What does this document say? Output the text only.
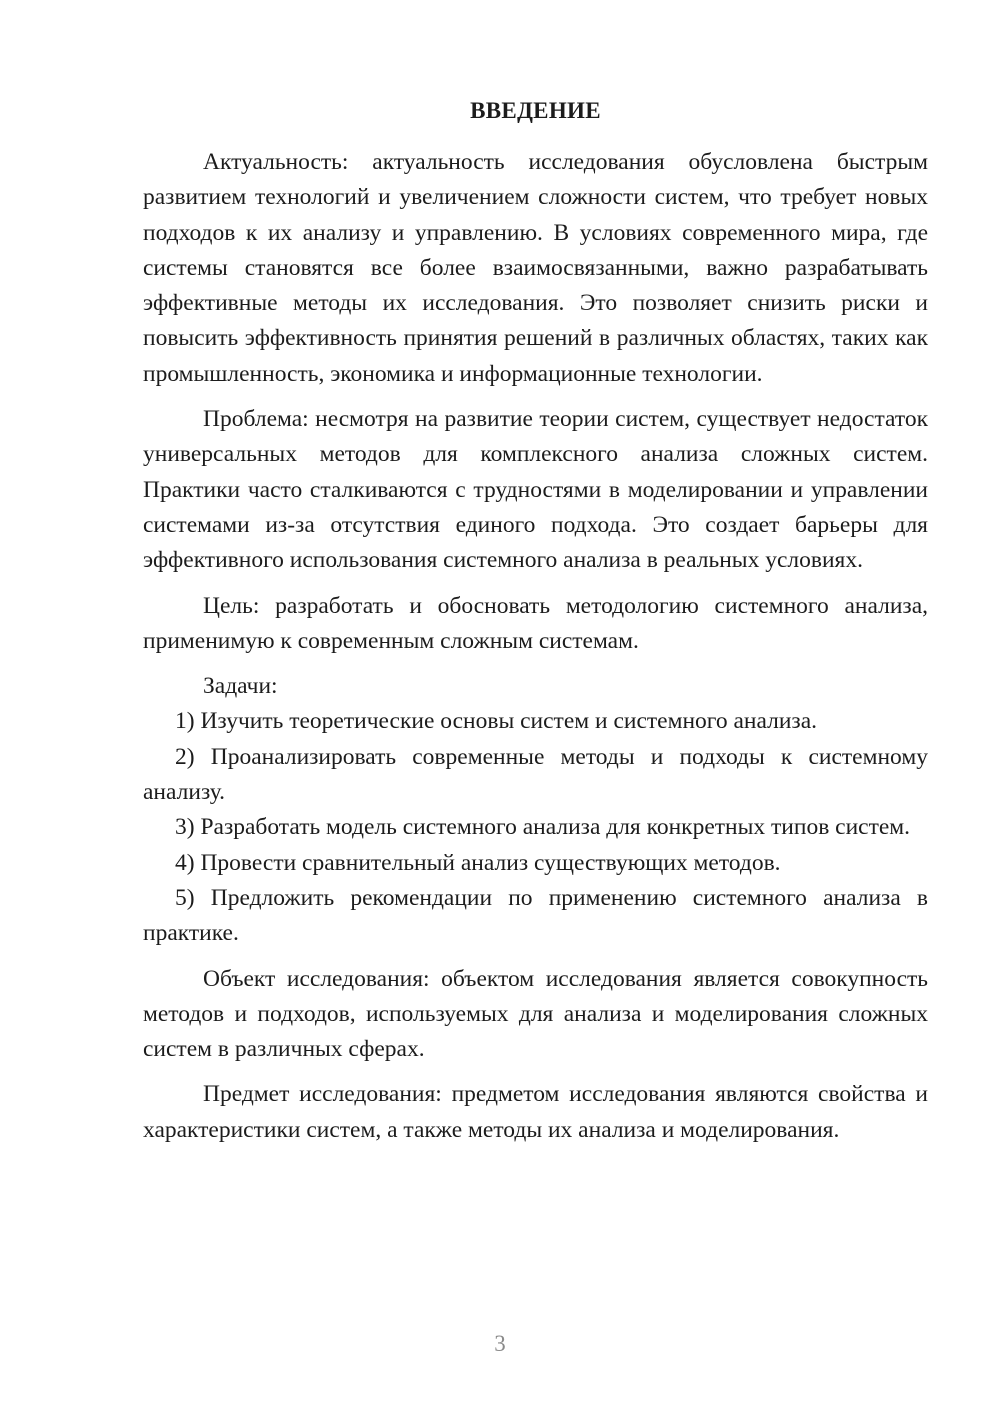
ВВЕДЕНИЕ

Актуальность: актуальность исследования обусловлена быстрым развитием технологий и увеличением сложности систем, что требует новых подходов к их анализу и управлению. В условиях современного мира, где системы становятся все более взаимосвязанными, важно разрабатывать эффективные методы их исследования. Это позволяет снизить риски и повысить эффективность принятия решений в различных областях, таких как промышленность, экономика и информационные технологии.

Проблема: несмотря на развитие теории систем, существует недостаток универсальных методов для комплексного анализа сложных систем. Практики часто сталкиваются с трудностями в моделировании и управлении системами из-за отсутствия единого подхода. Это создает барьеры для эффективного использования системного анализа в реальных условиях.

Цель: разработать и обосновать методологию системного анализа, применимую к современным сложным системам.

Задачи:

1) Изучить теоретические основы систем и системного анализа.

2) Проанализировать современные методы и подходы к системному анализу.

3) Разработать модель системного анализа для конкретных типов систем.

4) Провести сравнительный анализ существующих методов.

5) Предложить рекомендации по применению системного анализа в практике.

Объект исследования: объектом исследования является совокупность методов и подходов, используемых для анализа и моделирования сложных систем в различных сферах.

Предмет исследования: предметом исследования являются свойства и характеристики систем, а также методы их анализа и моделирования.

3
